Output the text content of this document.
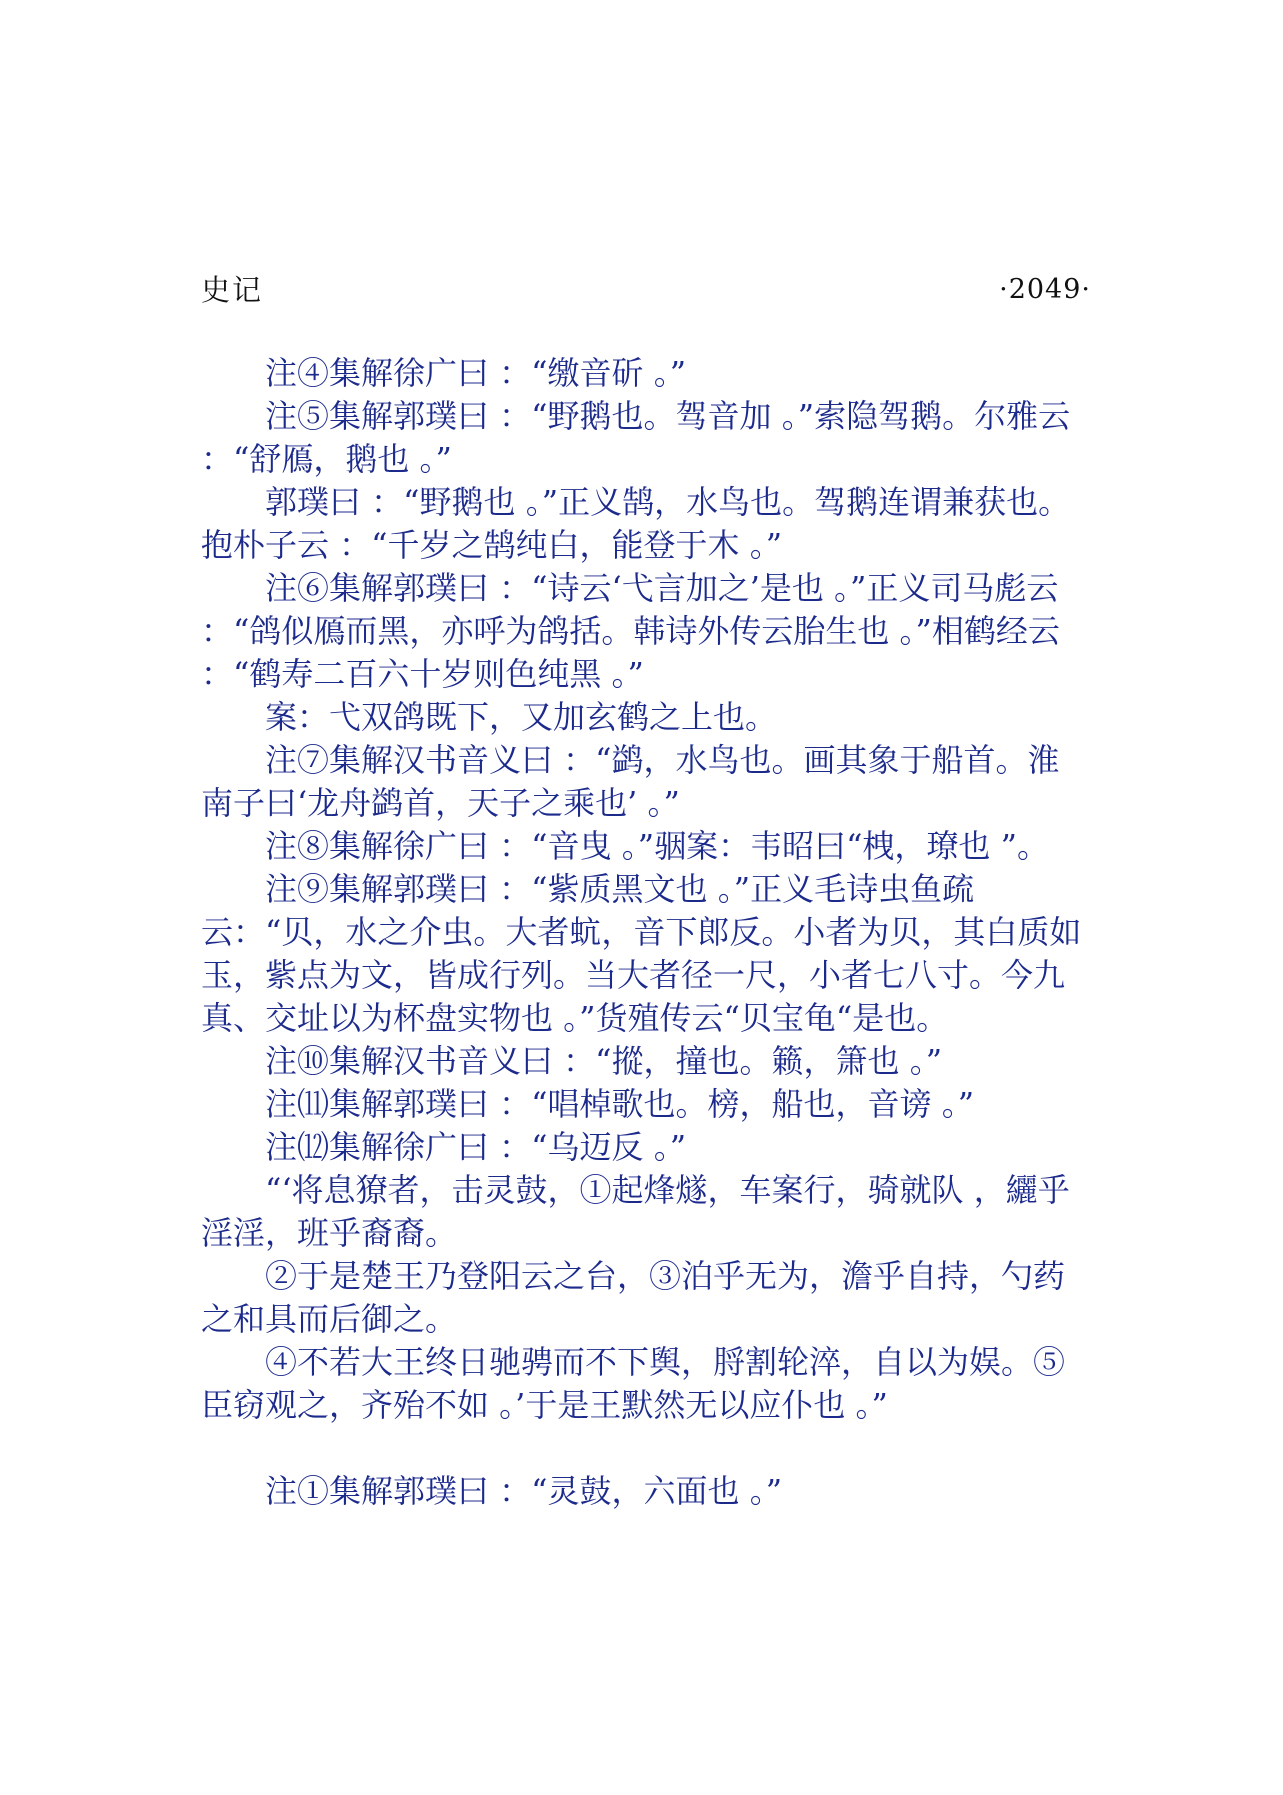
史记	·2049·

注④集解徐广曰 ：“缴音斫 。”

注⑤集解郭璞曰 ：“野鹅也。驾音加 。”索隐驾鹅。尔雅云 ：“舒鴈，鹅也 。”

郭璞曰 ：“野鹅也 。”正义鹄，水鸟也。驾鹅连谓兼获也。抱朴子云 ：“千岁之鹄纯白，能登于木 。”

注⑥集解郭璞曰 ：“诗云‘弋言加之’是也 。”正义司马彪云 ：“鸽似鴈而黑，亦呼为鸽括。韩诗外传云胎生也 。”相鹤经云 ：“鹤寿二百六十岁则色纯黑 。”

案：弋双鸽既下，又加玄鹤之上也。

注⑦集解汉书音义曰 ：“鹢，水鸟也。画其象于船首。淮南子曰‘龙舟鹢首，天子之乘也’ 。”

注⑧集解徐广曰 ：“音曳 。”骃案：韦昭曰“栧，璙也 ”。

注⑨集解郭璞曰 ：“紫质黑文也 。”正义毛诗虫鱼疏云：“贝，水之介虫。大者蚢，音下郎反。小者为贝，其白质如玉，紫点为文，皆成行列。当大者径一尺，小者七八寸。今九真、交址以为杯盘实物也 。”货殖传云“贝宝龟“是也。

注⑩集解汉书音义曰 ：“摐，撞也。籁，箫也 。”

注⑾集解郭璞曰 ：“唱棹歌也。榜，船也，音谤 。”

注⑿集解徐广曰 ：“乌迈反 。”

“‘将息獠者，击灵鼓，①起烽燧，车案行，骑就队 ，纚乎淫淫，班乎裔裔。

②于是楚王乃登阳云之台，③泊乎无为，澹乎自持，勺药之和具而后御之。

④不若大王终日驰骋而不下舆，脟割轮淬，自以为娱。⑤臣窃观之，齐殆不如 。’于是王默然无以应仆也 。”

注①集解郭璞曰 ：“灵鼓，六面也 。”
